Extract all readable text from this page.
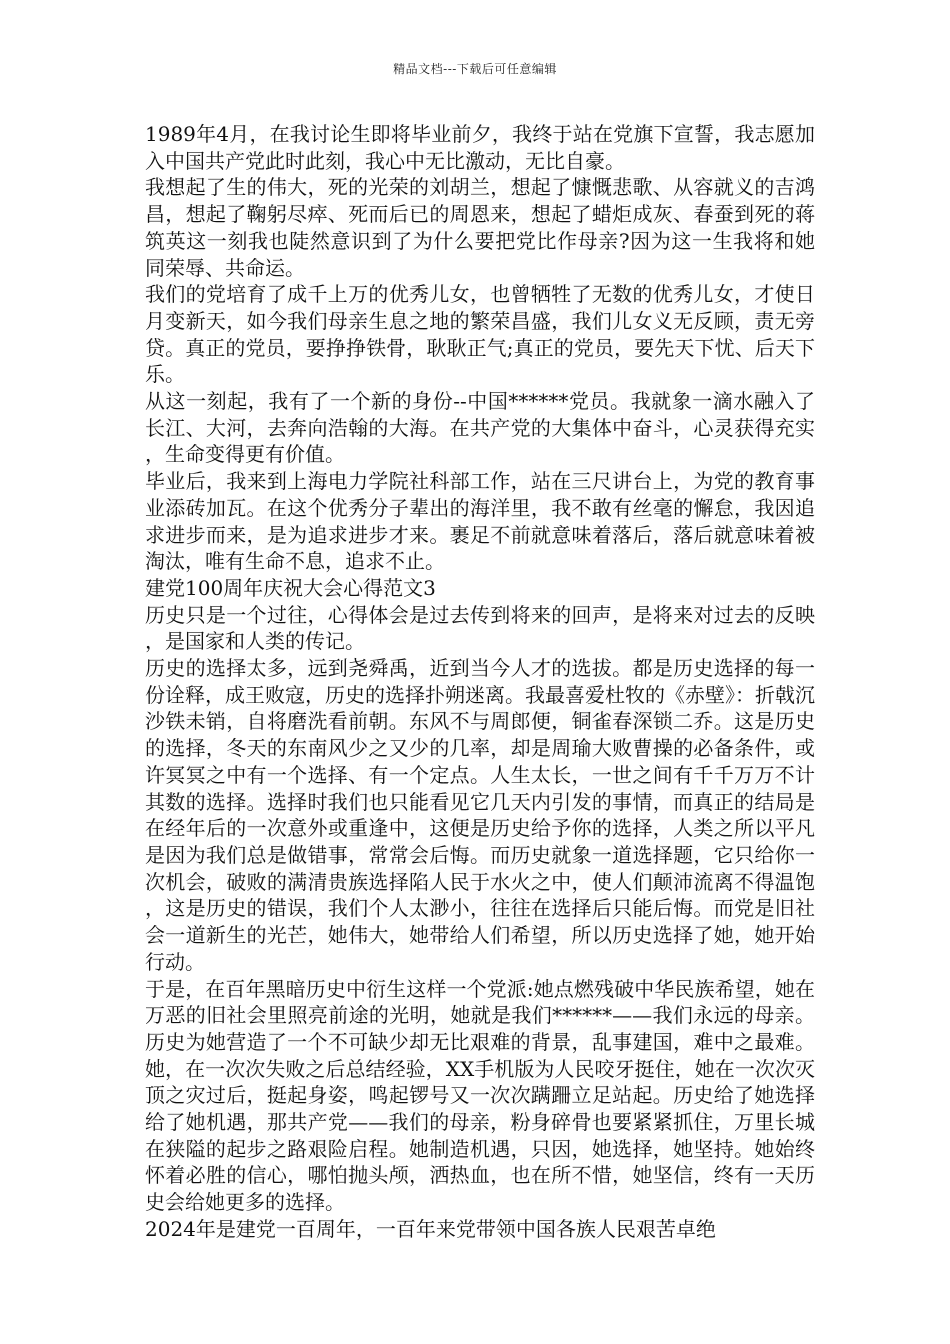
精品文档---下载后可任意编辑

1989年4月，在我讨论生即将毕业前夕，我终于站在党旗下宣誓，我志愿加入中国共产党此时此刻，我心中无比激动，无比自豪。

我想起了生的伟大，死的光荣的刘胡兰，想起了慷慨悲歌、从容就义的吉鸿昌，想起了鞠躬尽瘁、死而后已的周恩来，想起了蜡炬成灰、春蚕到死的蒋筑英这一刻我也陡然意识到了为什么要把党比作母亲?因为这一生我将和她同荣辱、共命运。

我们的党培育了成千上万的优秀儿女，也曾牺牲了无数的优秀儿女，才使日月变新天，如今我们母亲生息之地的繁荣昌盛，我们儿女义无反顾，责无旁贷。真正的党员，要挣挣铁骨，耿耿正气;真正的党员，要先天下忧、后天下乐。

从这一刻起，我有了一个新的身份--中国******党员。我就象一滴水融入了长江、大河，去奔向浩翰的大海。在共产党的大集体中奋斗，心灵获得充实，生命变得更有价值。

毕业后，我来到上海电力学院社科部工作，站在三尺讲台上，为党的教育事业添砖加瓦。在这个优秀分子辈出的海洋里，我不敢有丝毫的懈怠，我因追求进步而来，是为追求进步才来。裹足不前就意味着落后，落后就意味着被淘汰，唯有生命不息，追求不止。

建党100周年庆祝大会心得范文3

历史只是一个过往，心得体会是过去传到将来的回声，是将来对过去的反映，是国家和人类的传记。

历史的选择太多，远到尧舜禹，近到当今人才的选拔。都是历史选择的每一份诠释，成王败寇，历史的选择扑朔迷离。我最喜爱杜牧的《赤壁》：折戟沉沙铁未销，自将磨洗看前朝。东风不与周郎便，铜雀春深锁二乔。这是历史的选择，冬天的东南风少之又少的几率，却是周瑜大败曹操的必备条件，或许冥冥之中有一个选择、有一个定点。人生太长，一世之间有千千万万不计其数的选择。选择时我们也只能看见它几天内引发的事情，而真正的结局是在经年后的一次意外或重逢中，这便是历史给予你的选择，人类之所以平凡是因为我们总是做错事，常常会后悔。而历史就象一道选择题，它只给你一次机会，破败的满清贵族选择陷人民于水火之中，使人们颠沛流离不得温饱，这是历史的错误，我们个人太渺小，往往在选择后只能后悔。而党是旧社会一道新生的光芒，她伟大，她带给人们希望，所以历史选择了她，她开始行动。

于是，在百年黑暗历史中衍生这样一个党派:她点燃残破中华民族希望，她在万恶的旧社会里照亮前途的光明，她就是我们******——我们永远的母亲。历史为她营造了一个不可缺少却无比艰难的背景，乱事建国，难中之最难。她，在一次次失败之后总结经验，XX手机版为人民咬牙挺住，她在一次次灭顶之灾过后，挺起身姿，鸣起锣号又一次次蹒跚立足站起。历史给了她选择给了她机遇，那共产党——我们的母亲，粉身碎骨也要紧紧抓住，万里长城在狭隘的起步之路艰险启程。她制造机遇，只因，她选择，她坚持。她始终怀着必胜的信心，哪怕抛头颅，洒热血，也在所不惜，她坚信，终有一天历史会给她更多的选择。

2024年是建党一百周年，一百年来党带领中国各族人民艰苦卓绝
